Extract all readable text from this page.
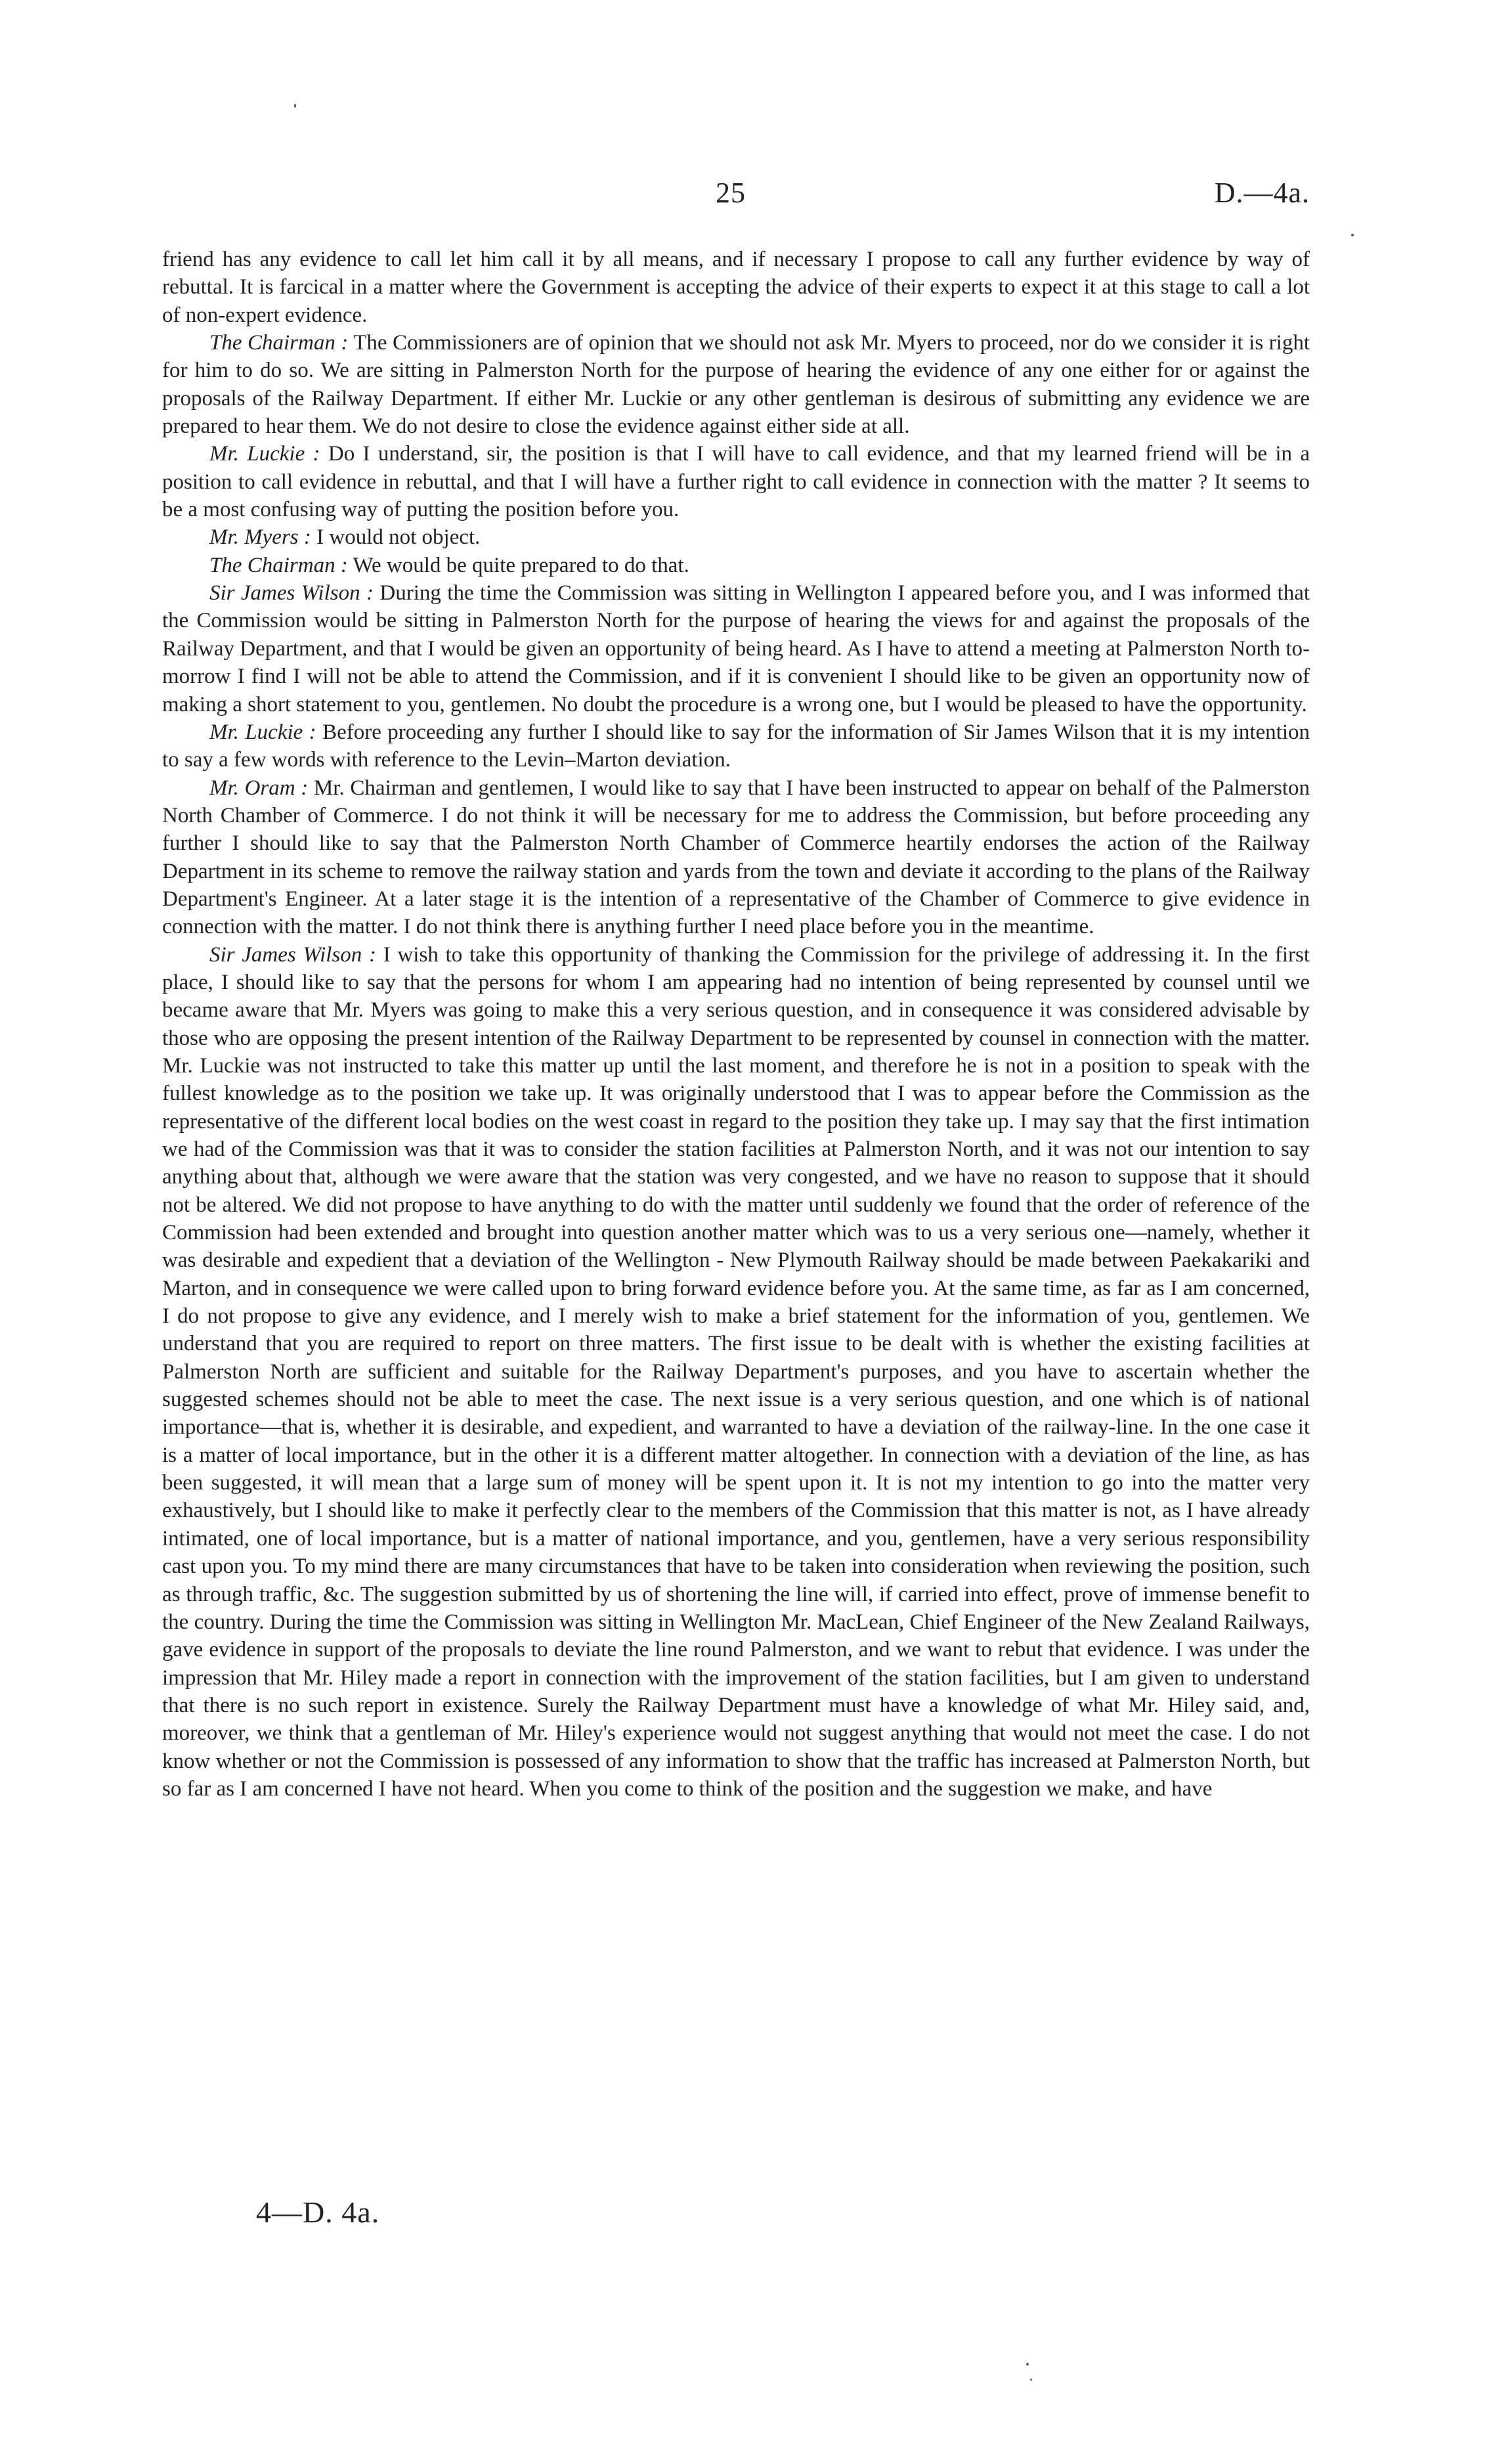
25	D.—4a.

friend has any evidence to call let him call it by all means, and if necessary I propose to call any further evidence by way of rebuttal. It is farcical in a matter where the Government is accepting the advice of their experts to expect it at this stage to call a lot of non-expert evidence.

The Chairman : The Commissioners are of opinion that we should not ask Mr. Myers to proceed, nor do we consider it is right for him to do so. We are sitting in Palmerston North for the purpose of hearing the evidence of any one either for or against the proposals of the Railway Department. If either Mr. Luckie or any other gentleman is desirous of submitting any evidence we are prepared to hear them. We do not desire to close the evidence against either side at all.

Mr. Luckie : Do I understand, sir, the position is that I will have to call evidence, and that my learned friend will be in a position to call evidence in rebuttal, and that I will have a further right to call evidence in connection with the matter ? It seems to be a most confusing way of putting the position before you.

Mr. Myers : I would not object.

The Chairman : We would be quite prepared to do that.

Sir James Wilson : During the time the Commission was sitting in Wellington I appeared before you, and I was informed that the Commission would be sitting in Palmerston North for the purpose of hearing the views for and against the proposals of the Railway Department, and that I would be given an opportunity of being heard. As I have to attend a meeting at Palmerston North to-morrow I find I will not be able to attend the Commission, and if it is convenient I should like to be given an opportunity now of making a short statement to you, gentlemen. No doubt the procedure is a wrong one, but I would be pleased to have the opportunity.

Mr. Luckie : Before proceeding any further I should like to say for the information of Sir James Wilson that it is my intention to say a few words with reference to the Levin–Marton deviation.

Mr. Oram : Mr. Chairman and gentlemen, I would like to say that I have been instructed to appear on behalf of the Palmerston North Chamber of Commerce. I do not think it will be necessary for me to address the Commission, but before proceeding any further I should like to say that the Palmerston North Chamber of Commerce heartily endorses the action of the Railway Department in its scheme to remove the railway station and yards from the town and deviate it according to the plans of the Railway Department's Engineer. At a later stage it is the intention of a representative of the Chamber of Commerce to give evidence in connection with the matter. I do not think there is anything further I need place before you in the meantime.

Sir James Wilson : I wish to take this opportunity of thanking the Commission for the privilege of addressing it. In the first place, I should like to say that the persons for whom I am appearing had no intention of being represented by counsel until we became aware that Mr. Myers was going to make this a very serious question, and in consequence it was considered advisable by those who are opposing the present intention of the Railway Department to be represented by counsel in connection with the matter. Mr. Luckie was not instructed to take this matter up until the last moment, and therefore he is not in a position to speak with the fullest knowledge as to the position we take up. It was originally understood that I was to appear before the Commission as the representative of the different local bodies on the west coast in regard to the position they take up. I may say that the first intimation we had of the Commission was that it was to consider the station facilities at Palmerston North, and it was not our intention to say anything about that, although we were aware that the station was very congested, and we have no reason to suppose that it should not be altered. We did not propose to have anything to do with the matter until suddenly we found that the order of reference of the Commission had been extended and brought into question another matter which was to us a very serious one—namely, whether it was desirable and expedient that a deviation of the Wellington - New Plymouth Railway should be made between Paekakariki and Marton, and in consequence we were called upon to bring forward evidence before you. At the same time, as far as I am concerned, I do not propose to give any evidence, and I merely wish to make a brief statement for the information of you, gentlemen. We understand that you are required to report on three matters. The first issue to be dealt with is whether the existing facilities at Palmerston North are sufficient and suitable for the Railway Department's purposes, and you have to ascertain whether the suggested schemes should not be able to meet the case. The next issue is a very serious question, and one which is of national importance—that is, whether it is desirable, and expedient, and warranted to have a deviation of the railway-line. In the one case it is a matter of local importance, but in the other it is a different matter altogether. In connection with a deviation of the line, as has been suggested, it will mean that a large sum of money will be spent upon it. It is not my intention to go into the matter very exhaustively, but I should like to make it perfectly clear to the members of the Commission that this matter is not, as I have already intimated, one of local importance, but is a matter of national importance, and you, gentlemen, have a very serious responsibility cast upon you. To my mind there are many circumstances that have to be taken into consideration when reviewing the position, such as through traffic, &c. The suggestion submitted by us of shortening the line will, if carried into effect, prove of immense benefit to the country. During the time the Commission was sitting in Wellington Mr. MacLean, Chief Engineer of the New Zealand Railways, gave evidence in support of the proposals to deviate the line round Palmerston, and we want to rebut that evidence. I was under the impression that Mr. Hiley made a report in connection with the improvement of the station facilities, but I am given to understand that there is no such report in existence. Surely the Railway Department must have a knowledge of what Mr. Hiley said, and, moreover, we think that a gentleman of Mr. Hiley's experience would not suggest anything that would not meet the case. I do not know whether or not the Commission is possessed of any information to show that the traffic has increased at Palmerston North, but so far as I am concerned I have not heard. When you come to think of the position and the suggestion we make, and have

4—D. 4a.
